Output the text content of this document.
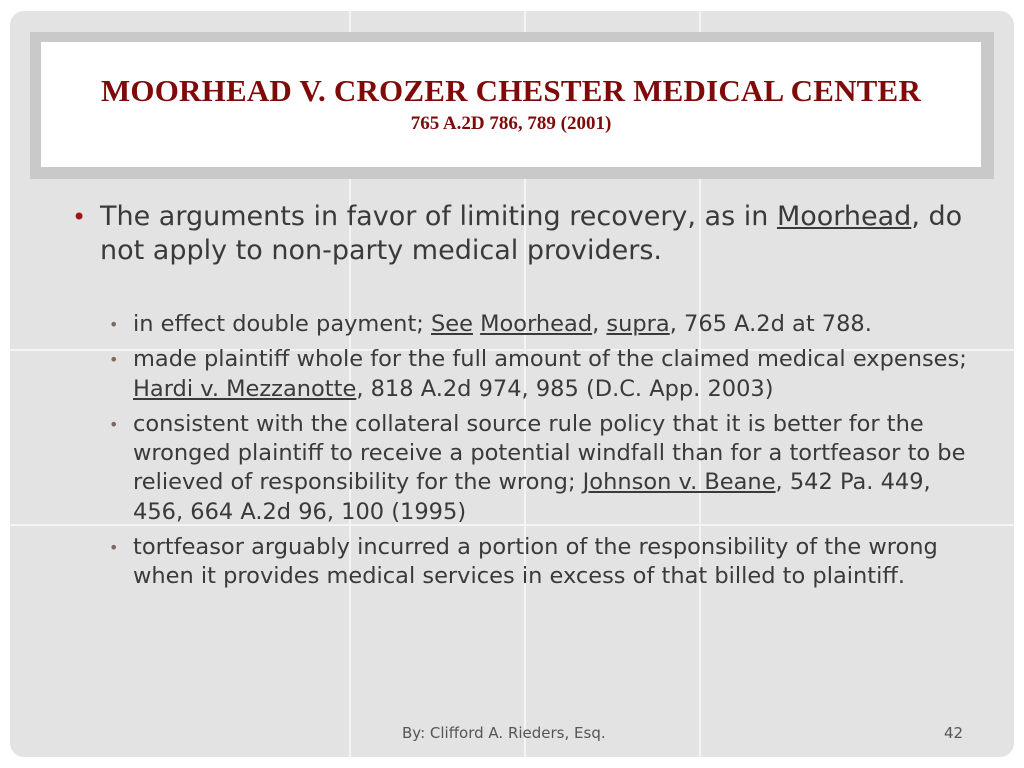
MOORHEAD V. CROZER CHESTER MEDICAL CENTER
765 A.2D 786, 789 (2001)
• The arguments in favor of limiting recovery, as in Moorhead, do not apply to non-party medical providers.
• in effect double payment; See Moorhead, supra, 765 A.2d at 788.
• made plaintiff whole for the full amount of the claimed medical expenses; Hardi v. Mezzanotte, 818 A.2d 974, 985 (D.C. App. 2003)
• consistent with the collateral source rule policy that it is better for the wronged plaintiff to receive a potential windfall than for a tortfeasor to be relieved of responsibility for the wrong; Johnson v. Beane, 542 Pa. 449, 456, 664 A.2d 96, 100 (1995)
• tortfeasor arguably incurred a portion of the responsibility of the wrong when it provides medical services in excess of that billed to plaintiff.
By: Clifford A. Rieders, Esq.	42
